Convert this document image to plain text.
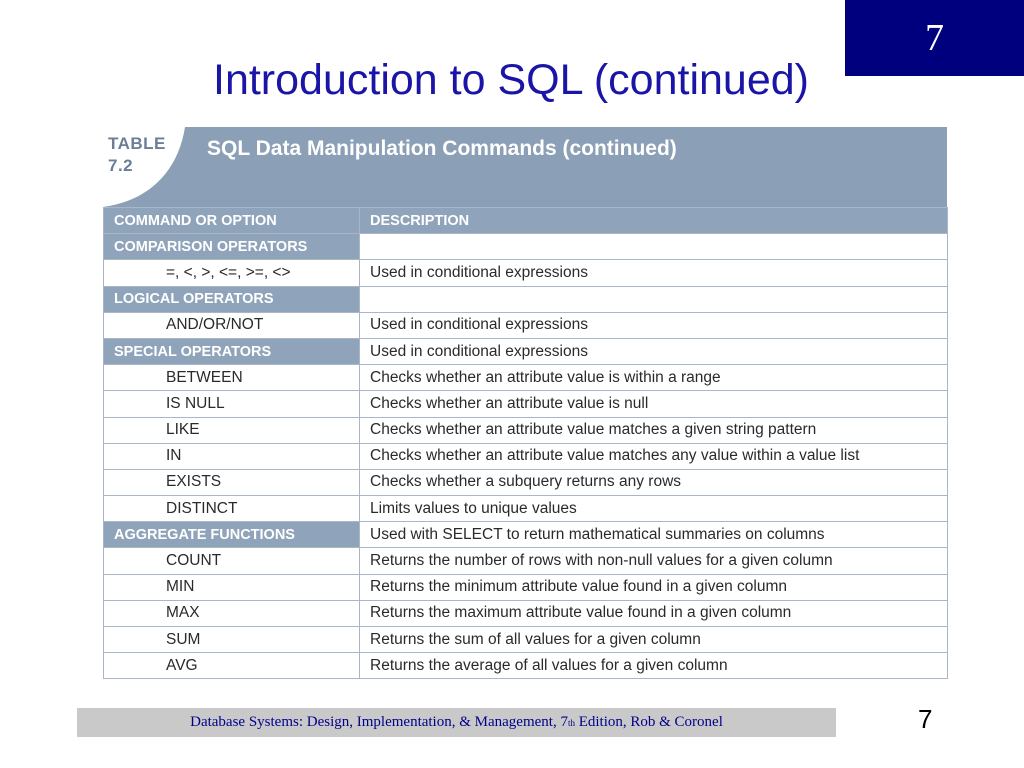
7
Introduction to SQL (continued)
TABLE
7.2
SQL Data Manipulation Commands (continued)
COMMAND OR OPTION	DESCRIPTION
COMPARISON OPERATORS	
=, <, >, <=, >=, <>	Used in conditional expressions
LOGICAL OPERATORS	
AND/OR/NOT	Used in conditional expressions
SPECIAL OPERATORS	Used in conditional expressions
BETWEEN	Checks whether an attribute value is within a range
IS NULL	Checks whether an attribute value is null
LIKE	Checks whether an attribute value matches a given string pattern
IN	Checks whether an attribute value matches any value within a value list
EXISTS	Checks whether a subquery returns any rows
DISTINCT	Limits values to unique values
AGGREGATE FUNCTIONS	Used with SELECT to return mathematical summaries on columns
COUNT	Returns the number of rows with non-null values for a given column
MIN	Returns the minimum attribute value found in a given column
MAX	Returns the maximum attribute value found in a given column
SUM	Returns the sum of all values for a given column
AVG	Returns the average of all values for a given column
Database Systems: Design, Implementation, & Management, 7 th Edition, Rob & Coronel	7
